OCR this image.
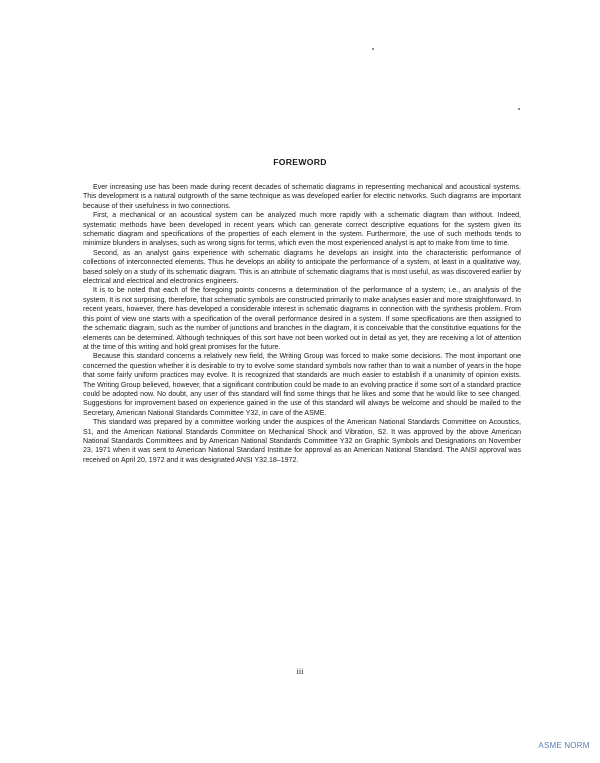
FOREWORD

Ever increasing use has been made during recent decades of schematic diagrams in representing mechanical and acoustical systems. This development is a natural outgrowth of the same technique as was developed earlier for electric networks. Such diagrams are important because of their usefulness in two connections.

First, a mechanical or an acoustical system can be analyzed much more rapidly with a schematic diagram than without. Indeed, systematic methods have been developed in recent years which can generate correct descriptive equations for the system given its schematic diagram and specifications of the properties of each element in the system. Furthermore, the use of such methods tends to minimize blunders in analyses, such as wrong signs for terms, which even the most experienced analyst is apt to make from time to time.

Second, as an analyst gains experience with schematic diagrams he develops an insight into the characteristic performance of collections of interconnected elements. Thus he develops an ability to anticipate the performance of a system, at least in a qualitative way, based solely on a study of its schematic diagram. This is an attribute of schematic diagrams that is most useful, as was discovered earlier by electrical and electrical and electronics engineers.

It is to be noted that each of the foregoing points concerns a determination of the performance of a system; i.e., an analysis of the system. It is not surprising, therefore, that schematic symbols are constructed primarily to make analyses easier and more straightforward. In recent years, however, there has developed a considerable interest in schematic diagrams in connection with the synthesis problem. From this point of view one starts with a specification of the overall performance desired in a system. If some specifications are then assigned to the schematic diagram, such as the number of junctions and branches in the diagram, it is conceivable that the constitutive equations for the elements can be determined. Although techniques of this sort have not been worked out in detail as yet, they are receiving a lot of attention at the time of this writing and hold great promises for the future.

Because this standard concerns a relatively new field, the Writing Group was forced to make some decisions. The most important one concerned the question whether it is desirable to try to evolve some standard symbols now rather than to wait a number of years in the hope that some fairly uniform practices may evolve. It is recognized that standards are much easier to establish if a unanimity of opinion exists. The Writing Group believed, however, that a significant contribution could be made to an evolving practice if some sort of a standard practice could be adopted now. No doubt, any user of this standard will find some things that he likes and some that he would like to see changed. Suggestions for improvement based on experience gained in the use of this standard will always be welcome and should be mailed to the Secretary, American National Standards Committee Y32, in care of the ASME.

This standard was prepared by a committee working under the auspices of the American National Standards Committee on Acoustics, S1, and the American National Standards Committee on Mechanical Shock and Vibration, S2. It was approved by the above American National Standards Committees and by American National Standards Committee Y32 on Graphic Symbols and Designations on November 23, 1971 when it was sent to American National Standard Institute for approval as an American National Standard. The ANSI approval was received on April 20, 1972 and it was designated ANSI Y32.18–1972.

iii
ASME NORM
